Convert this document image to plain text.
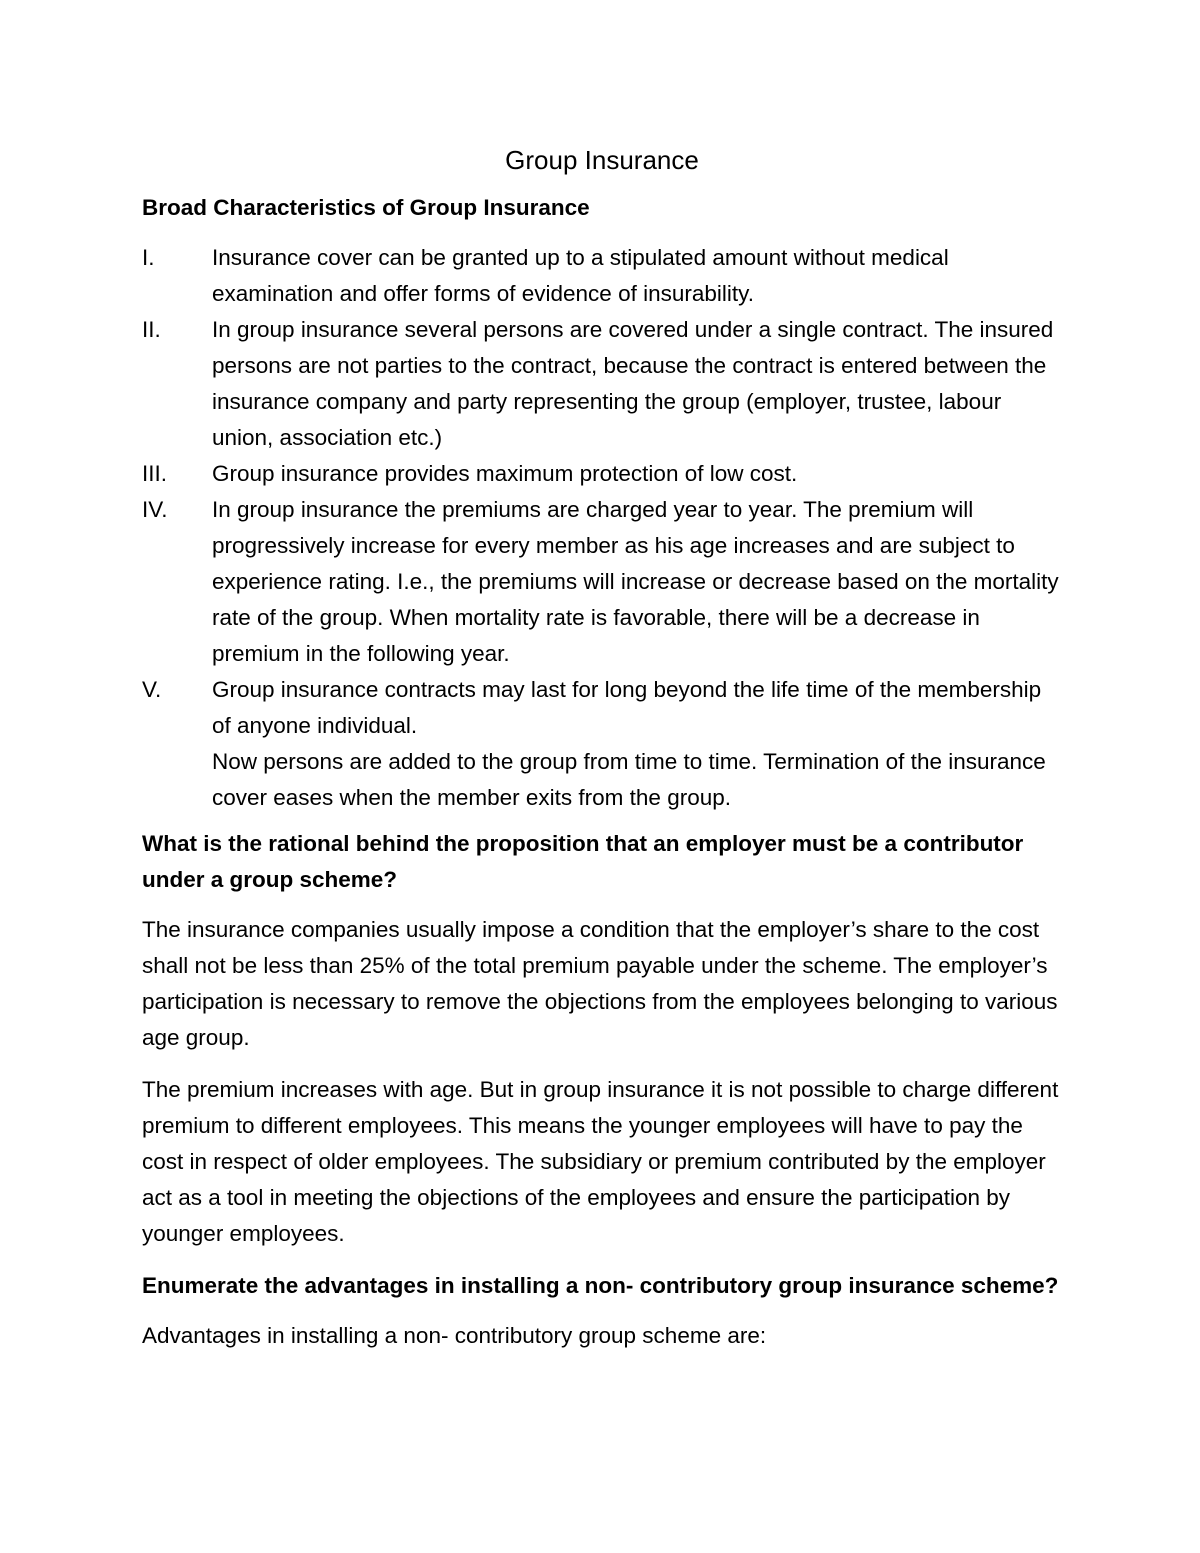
Group Insurance

Broad Characteristics of Group Insurance

I.	Insurance cover can be granted up to a stipulated amount without medical examination and offer forms of evidence of insurability.

II.	In group insurance several persons are covered under a single contract. The insured persons are not parties to the contract, because the contract is entered between the insurance company and party representing the group (employer, trustee, labour union, association etc.)

III.	Group insurance provides maximum protection of low cost.

IV.	In group insurance the premiums are charged year to year. The premium will progressively increase for every member as his age increases and are subject to experience rating. I.e., the premiums will increase or decrease based on the mortality rate of the group. When mortality rate is favorable, there will be a decrease in premium in the following year.

V.	Group insurance contracts may last for long beyond the life time of the membership of anyone individual.

Now persons are added to the group from time to time. Termination of the insurance cover eases when the member exits from the group.

What is the rational behind the proposition that an employer must be a contributor under a group scheme?

The insurance companies usually impose a condition that the employer’s share to the cost shall not be less than 25% of the total premium payable under the scheme. The employer’s participation is necessary to remove the objections from the employees belonging to various age group.

The premium increases with age. But in group insurance it is not possible to charge different premium to different employees. This means the younger employees will have to pay the cost in respect of older employees. The subsidiary or premium contributed by the employer act as a tool in meeting the objections of the employees and ensure the participation by younger employees.

Enumerate the advantages in installing a non- contributory group insurance scheme?

Advantages in installing a non- contributory group scheme are:
